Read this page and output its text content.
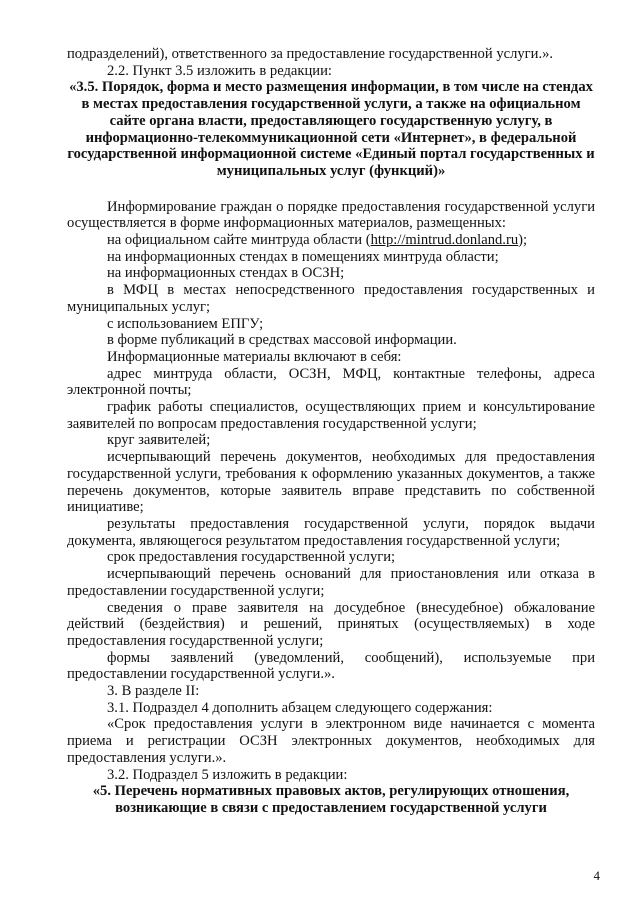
подразделений), ответственного за предоставление государственной услуги.».

2.2. Пункт 3.5 изложить в редакции:

«3.5. Порядок, форма и место размещения информации, в том числе на стендах в местах предоставления государственной услуги, а также на официальном сайте органа власти, предоставляющего государственную услугу, в информационно-телекоммуникационной сети «Интернет», в федеральной государственной информационной системе «Единый портал государственных и муниципальных услуг (функций)»

Информирование граждан о порядке предоставления государственной услуги осуществляется в форме информационных материалов, размещенных:

на официальном сайте минтруда области (http://mintrud.donland.ru);

на информационных стендах в помещениях минтруда области;

на информационных стендах в ОСЗН;

в МФЦ в местах непосредственного предоставления государственных и муниципальных услуг;

с использованием ЕПГУ;

в форме публикаций в средствах массовой информации.

Информационные материалы включают в себя:

адрес минтруда области, ОСЗН, МФЦ, контактные телефоны, адреса электронной почты;

график работы специалистов, осуществляющих прием и консультирование заявителей по вопросам предоставления государственной услуги;

круг заявителей;

исчерпывающий перечень документов, необходимых для предоставления государственной услуги, требования к оформлению указанных документов, а также перечень документов, которые заявитель вправе представить по собственной инициативе;

результаты предоставления государственной услуги, порядок выдачи документа, являющегося результатом предоставления государственной услуги;

срок предоставления государственной услуги;

исчерпывающий перечень оснований для приостановления или отказа в предоставлении государственной услуги;

сведения о праве заявителя на досудебное (внесудебное) обжалование действий (бездействия) и решений, принятых (осуществляемых) в ходе предоставления государственной услуги;

формы заявлений (уведомлений, сообщений), используемые при предоставлении государственной услуги.».

3. В разделе II:

3.1. Подраздел 4 дополнить абзацем следующего содержания:

«Срок предоставления услуги в электронном виде начинается с момента приема и регистрации ОСЗН электронных документов, необходимых для предоставления услуги.».

3.2. Подраздел 5 изложить в редакции:

«5. Перечень нормативных правовых актов, регулирующих отношения, возникающие в связи с предоставлением государственной услуги

4
